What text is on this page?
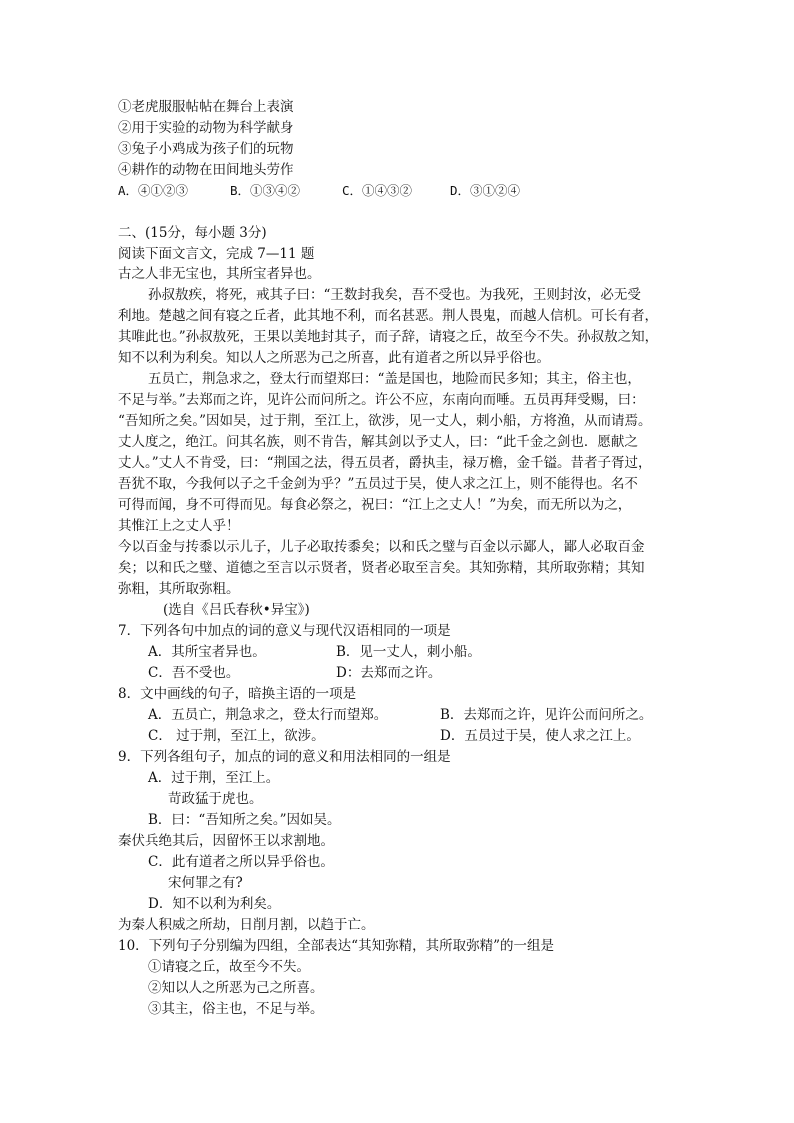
①老虎服服帖帖在舞台上表演
②用于实验的动物为科学献身
③兔子小鸡成为孩子们的玩物
④耕作的动物在田间地头劳作
A．④①②③	B．①③④②	C．①④③②	D．③①②④
二、(15分，每小题 3分)
阅读下面文言文，完成 7—11 题
古之人非无宝也，其所宝者异也。
孙叔敖疾，将死，戒其子曰：“王数封我矣，吾不受也。为我死，王则封汝，必无受
利地。楚越之间有寝之丘者，此其地不利，而名甚恶。荆人畏鬼，而越人信机。可长有者，
其唯此也。”孙叔敖死，王果以美地封其子，而子辞，请寝之丘，故至今不失。孙叔敖之知，
知不以利为利矣。知以人之所恶为己之所喜，此有道者之所以异乎俗也。
五员亡，荆急求之，登太行而望郑曰：“盖是国也，地险而民多知；其主，俗主也，
不足与举。”去郑而之许，见许公而问所之。许公不应，东南向而唾。五员再拜受赐，曰：
“吾知所之矣。”因如吴，过于荆，至江上，欲涉，见一丈人，刺小船，方将渔，从而请焉。
丈人度之，绝江。问其名族，则不肯告，解其剑以予丈人，曰：“此千金之剑也．愿献之
丈人。”丈人不肯受，曰：“荆国之法，得五员者，爵执圭，禄万檐，金千镒。昔者子胥过，
吾犹不取，今我何以子之千金剑为乎？”五员过于吴，使人求之江上，则不能得也。名不
可得而闻，身不可得而见。每食必祭之，祝曰：“江上之丈人！”为矣，而无所以为之，
其惟江上之丈人乎！
今以百金与抟黍以示儿子，儿子必取抟黍矣；以和氏之璧与百金以示鄙人，鄙人必取百金
矣；以和氏之璧、道德之至言以示贤者，贤者必取至言矣。其知弥精，其所取弥精；其知
弥粗，其所取弥粗。
(选自《吕氏春秋•异宝》)
7．下列各句中加点的词的意义与现代汉语相同的一项是
A．其所宝者异也。	B．见一丈人，刺小船。
C．吾不受也。	D：去郑而之许。
8．文中画线的句子，暗换主语的一项是
A．五员亡，荆急求之，登太行而望郑。	B．去郑而之许，见许公而问所之。
C． 过于荆，至江上，欲涉。	D．五员过于吴，使人求之江上。
9．下列各组句子，加点的词的意义和用法相同的一组是
A．过于荆，至江上。
苛政猛于虎也。
B．曰：“吾知所之矣。”因如吴。
秦伏兵绝其后，因留怀王以求割地。
C．此有道者之所以异乎俗也。
宋何罪之有?
D．知不以利为利矣。
为秦人积威之所劫，日削月割，以趋于亡。
10．下列句子分别编为四组，全部表达“其知弥精，其所取弥精”的一组是
①请寝之丘，故至今不失。
②知以人之所恶为己之所喜。
③其主，俗主也，不足与举。
